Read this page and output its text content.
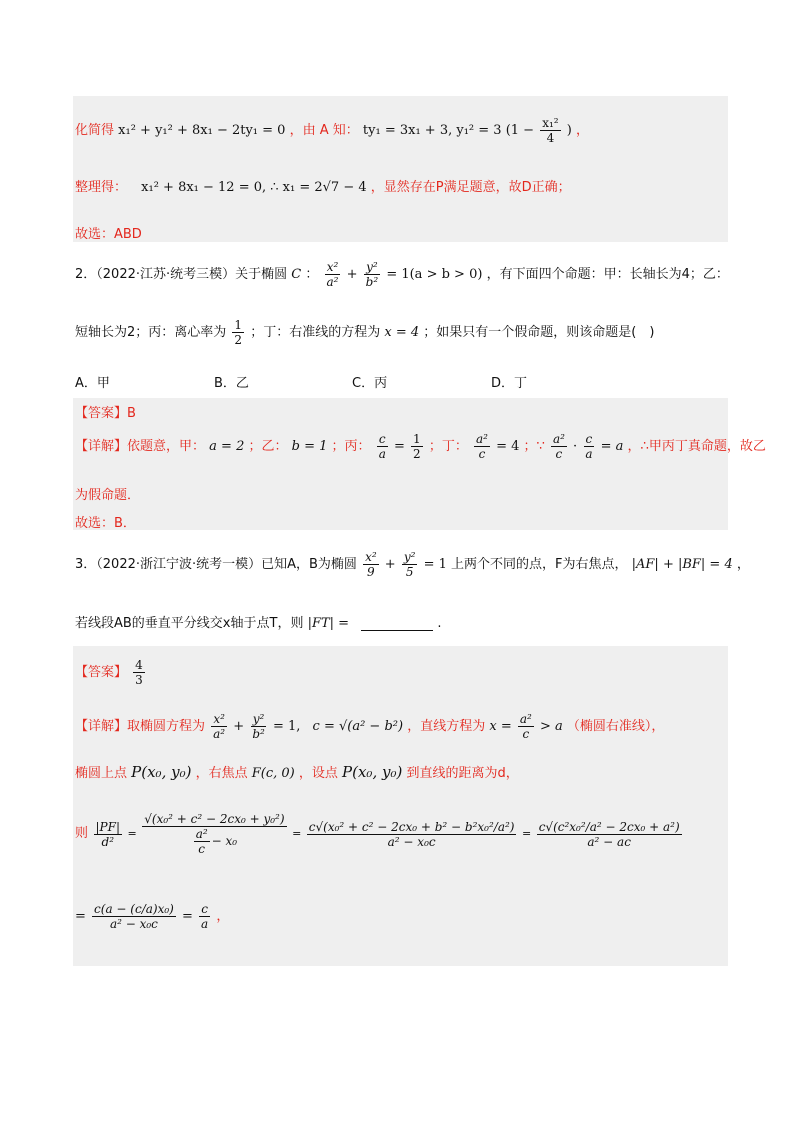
化简得 x₁² + y₁² + 8x₁ − 2ty₁ = 0 ，由 A 知： ty₁ = 3x₁ + 3, y₁² = 3 ($1 - \frac{\text{x₁²}}{4}$ ) ，
整理得： x₁² + 8x₁ − 12 = 0, ∴ x₁ = 2√7 − 4 ，显然存在P满足题意，故D正确；
故选：ABD
2．（2022·江苏·统考三模）关于椭圆 C ： $\frac{\text{x²}}{\text{a²}} + \frac{\text{y²}}{\text{b²}} = 1(a > b > 0)$ ，有下面四个命题：甲：长轴长为4；乙：
短轴长为2；丙：离心率为 $\frac{1}{2}$ ；丁：右准线的方程为 x = 4 ；如果只有一个假命题，则该命题是(　)
A．甲	B．乙	C．丙	D．丁
【答案】B
【详解】依题意，甲： a = 2 ；乙： b = 1 ；丙： $\frac{c}{a} = \frac{1}{2}$ ；丁： $\frac{\text{a²}}{c} = 4$ ；∵ $\frac{\text{a²}}{c} \cdot \frac{c}{a} = a$ ，∴甲丙丁真命题，故乙
为假命题．
故选：B．
3．（2022·浙江宁波·统考一模）已知A，B为椭圆 $\frac{\text{x²}}{9} + \frac{\text{y²}}{5} = 1$ 上两个不同的点，F为右焦点， |AF| + |BF| = 4 ，
若线段AB的垂直平分线交x轴于点T，则 |FT| =	.
【答案】 $\frac{4}{3}$
【详解】取椭圆方程为 $\frac{\text{x²}}{\text{a²}} + \frac{\text{y²}}{\text{b²}} = 1$, c = √(a² − b²) ，直线方程为 $x = \frac{\text{a²}}{c} > a$ （椭圆右准线），
椭圆上点 P(x₀, y₀) ，右焦点 F(c, 0) ，设点 P(x₀, y₀) 到直线的距离为d，
则 $\frac{|PF|}{\text{d²}} = \frac{\text{√(x₀² + c² − 2cx₀ + y₀²)}}{\frac{\text{a²}}{c} - x_0} = \frac{\text{c√(x₀² + c² − 2cx₀ + b² − b²x₀²/a²)}}{\text{a² − x₀c}} = \frac{\text{c√(c²x₀²/a² − 2cx₀ + a²)}}{\text{a² − ac}}$
= $\frac{\text{c(a − (c/a)x₀)}}{\text{a² − x₀c}} = \frac{c}{a}$ ，
